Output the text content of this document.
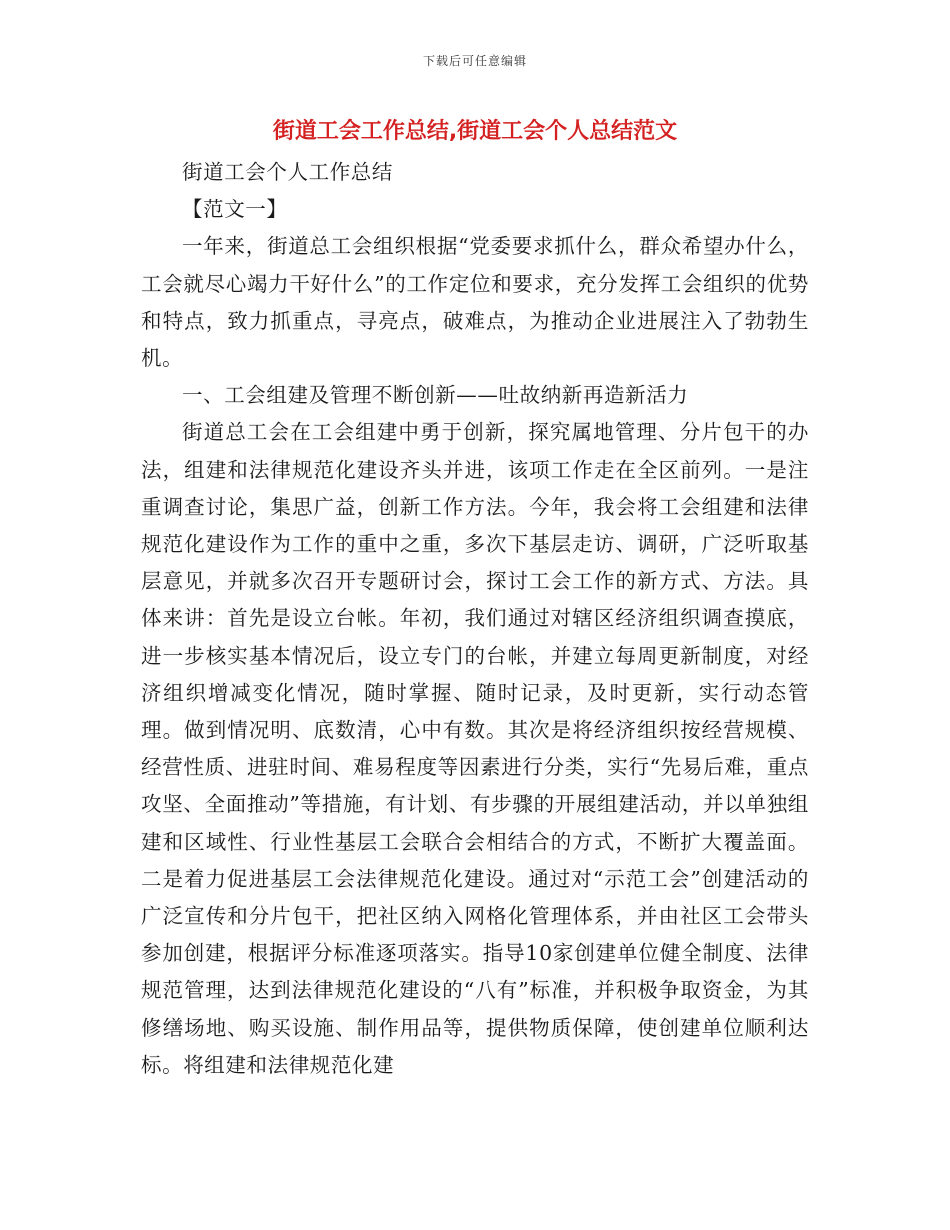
下载后可任意编辑
街道工会工作总结,街道工会个人总结范文

街道工会个人工作总结

【范文一】

一年来，街道总工会组织根据“党委要求抓什么，群众希望办什么，工会就尽心竭力干好什么”的工作定位和要求，充分发挥工会组织的优势和特点，致力抓重点，寻亮点，破难点，为推动企业进展注入了勃勃生机。

一、工会组建及管理不断创新——吐故纳新再造新活力

街道总工会在工会组建中勇于创新，探究属地管理、分片包干的办法，组建和法律规范化建设齐头并进，该项工作走在全区前列。一是注重调查讨论，集思广益，创新工作方法。今年，我会将工会组建和法律规范化建设作为工作的重中之重，多次下基层走访、调研，广泛听取基层意见，并就多次召开专题研讨会，探讨工会工作的新方式、方法。具体来讲：首先是设立台帐。年初，我们通过对辖区经济组织调查摸底，进一步核实基本情况后，设立专门的台帐，并建立每周更新制度，对经济组织增减变化情况，随时掌握、随时记录，及时更新，实行动态管理。做到情况明、底数清，心中有数。其次是将经济组织按经营规模、经营性质、进驻时间、难易程度等因素进行分类，实行“先易后难，重点攻坚、全面推动”等措施，有计划、有步骤的开展组建活动，并以单独组建和区域性、行业性基层工会联合会相结合的方式，不断扩大覆盖面。二是着力促进基层工会法律规范化建设。通过对“示范工会”创建活动的广泛宣传和分片包干，把社区纳入网格化管理体系，并由社区工会带头参加创建，根据评分标准逐项落实。指导10家创建单位健全制度、法律规范管理，达到法律规范化建设的“八有”标准，并积极争取资金，为其修缮场地、购买设施、制作用品等，提供物质保障，使创建单位顺利达标。将组建和法律规范化建
